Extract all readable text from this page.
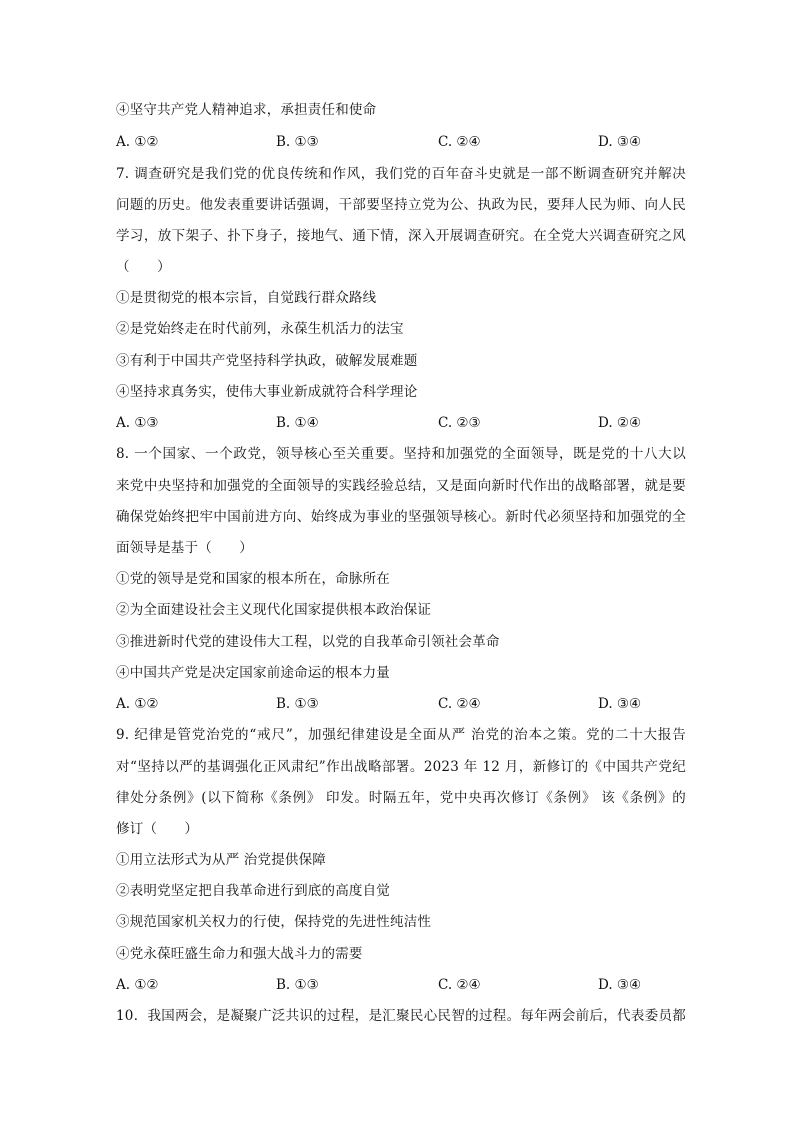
④坚守共产党人精神追求，承担责任和使命
A. ①②	B. ①③	C. ②④	D. ③④
7. 调查研究是我们党的优良传统和作风，我们党的百年奋斗史就是一部不断调查研究并解决
问题的历史。他发表重要讲话强调，干部要坚持立党为公、执政为民，要拜人民为师、向人民
学习，放下架子、扑下身子，接地气、通下情，深入开展调查研究。在全党大兴调查研究之风
（　　）
①是贯彻党的根本宗旨，自觉践行群众路线
②是党始终走在时代前列，永葆生机活力的法宝
③有利于中国共产党坚持科学执政，破解发展难题
④坚持求真务实，使伟大事业新成就符合科学理论
A. ①③	B. ①④	C. ②③	D. ②④
8. 一个国家、一个政党，领导核心至关重要。坚持和加强党的全面领导，既是党的十八大以
来党中央坚持和加强党的全面领导的实践经验总结，又是面向新时代作出的战略部署，就是要
确保党始终把牢中国前进方向、始终成为事业的坚强领导核心。新时代必须坚持和加强党的全
面领导是基于（　　）
①党的领导是党和国家的根本所在，命脉所在
②为全面建设社会主义现代化国家提供根本政治保证
③推进新时代党的建设伟大工程，以党的自我革命引领社会革命
④中国共产党是决定国家前途命运的根本力量
A. ①②	B. ①③	C. ②④	D. ③④
9. 纪律是管党治党的“戒尺”，加强纪律建设是全面从严 治党的治本之策。党的二十大报告
对“坚持以严的基调强化正风肃纪”作出战略部署。2023 年 12 月，新修订的《中国共产党纪
律处分条例》(以下简称《条例》 印发。时隔五年，党中央再次修订《条例》 该《条例》的
修订（　　）
①用立法形式为从严 治党提供保障
②表明党坚定把自我革命进行到底的高度自觉
③规范国家机关权力的行使，保持党的先进性纯洁性
④党永葆旺盛生命力和强大战斗力的需要
A. ①②	B. ①③	C. ②④	D. ③④
10．我国两会，是凝聚广泛共识的过程，是汇聚民心民智的过程。每年两会前后，代表委员都
